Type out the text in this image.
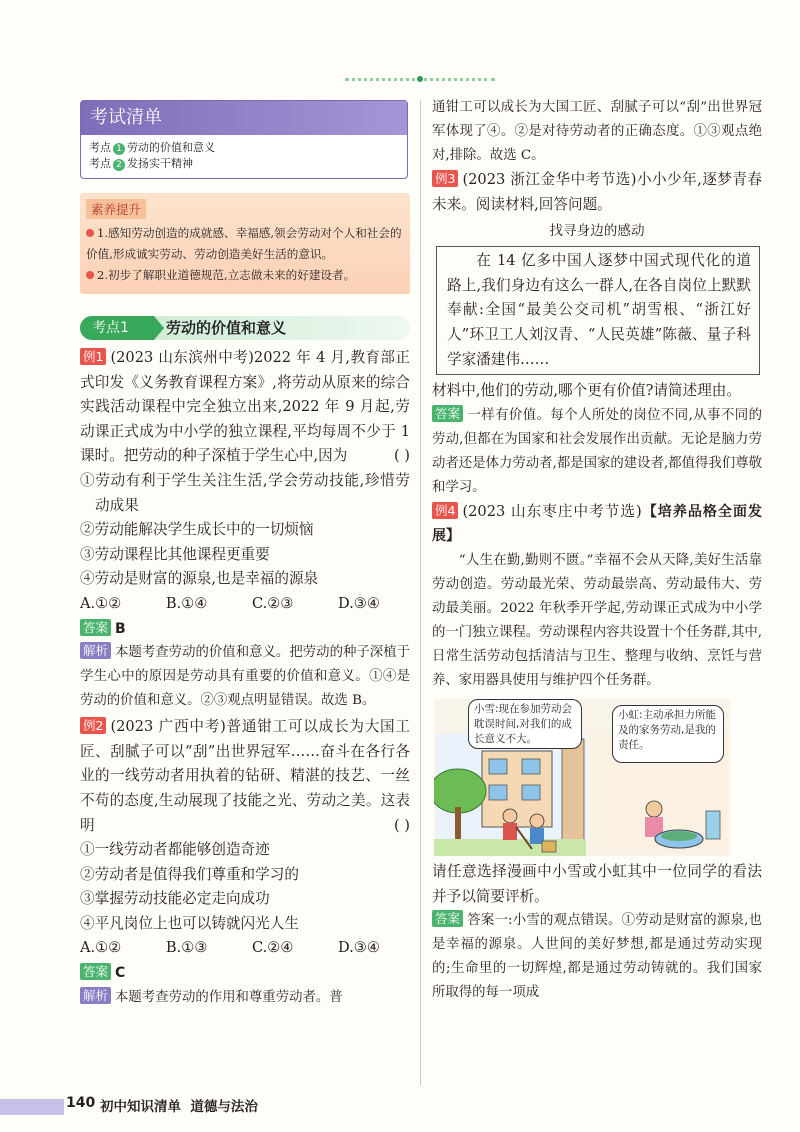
考试清单
考点 1 劳动的价值和意义
考点 2 发扬实干精神
素养提升

1.感知劳动创造的成就感、幸福感,领会劳动对个人和社会的价值,形成诚实劳动、劳动创造美好生活的意识。

2.初步了解职业道德规范,立志做未来的好建设者。

考点1	劳动的价值和意义

例1 (2023 山东滨州中考)2022 年 4 月,教育部正式印发《义务教育课程方案》,将劳动从原来的综合实践活动课程中完全独立出来,2022 年 9 月起,劳动课正式成为中小学的独立课程,平均每周不少于 1 课时。把劳动的种子深植于学生心中,因为	( )

①劳动有利于学生关注生活,学会劳动技能,珍惜劳动成果

②劳动能解决学生成长中的一切烦恼

③劳动课程比其他课程更重要

④劳动是财富的源泉,也是幸福的源泉

A.①②	B.①④	C.②③	D.③④

答案 B

解析 本题考查劳动的价值和意义。把劳动的种子深植于学生心中的原因是劳动具有重要的价值和意义。①④是劳动的价值和意义。②③观点明显错误。故选 B。

例2 (2023 广西中考)普通钳工可以成长为大国工匠、刮腻子可以“刮”出世界冠军……奋斗在各行各业的一线劳动者用执着的钻研、精湛的技艺、一丝不苟的态度,生动展现了技能之光、劳动之美。这表明	( )

①一线劳动者都能够创造奇迹

②劳动者是值得我们尊重和学习的

③掌握劳动技能必定走向成功

④平凡岗位上也可以铸就闪光人生

A.①②	B.①③	C.②④	D.③④

答案 C

解析 本题考查劳动的作用和尊重劳动者。普

通钳工可以成长为大国工匠、刮腻子可以“刮”出世界冠军体现了④。②是对待劳动者的正确态度。①③观点绝对,排除。故选 C。

例3 (2023 浙江金华中考节选)小小少年,逐梦青春未来。阅读材料,回答问题。

找寻身边的感动

在 14 亿多中国人逐梦中国式现代化的道路上,我们身边有这么一群人,在各自岗位上默默奉献:全国“最美公交司机”胡雪根、“浙江好人”环卫工人刘汉青、“人民英雄”陈薇、量子科学家潘建伟……

材料中,他们的劳动,哪个更有价值?请简述理由。

答案 一样有价值。每个人所处的岗位不同,从事不同的劳动,但都在为国家和社会发展作出贡献。无论是脑力劳动者还是体力劳动者,都是国家的建设者,都值得我们尊敬和学习。

例4 (2023 山东枣庄中考节选)【培养品格全面发展】

“人生在勤,勤则不匮。”幸福不会从天降,美好生活靠劳动创造。劳动最光荣、劳动最崇高、劳动最伟大、劳动最美丽。2022 年秋季开学起,劳动课正式成为中小学的一门独立课程。劳动课程内容共设置十个任务群,其中,日常生活劳动包括清洁与卫生、整理与收纳、烹饪与营养、家用器具使用与维护四个任务群。

小雪:现在参加劳动会耽误时间,对我们的成长意义不大。
小虹:主动承担力所能及的家务劳动,是我的责任。

请任意选择漫画中小雪或小虹其中一位同学的看法并予以简要评析。

答案 答案一:小雪的观点错误。①劳动是财富的源泉,也是幸福的源泉。人世间的美好梦想,都是通过劳动实现的;生命里的一切辉煌,都是通过劳动铸就的。我们国家所取得的每一项成

140 初中知识清单 道德与法治
